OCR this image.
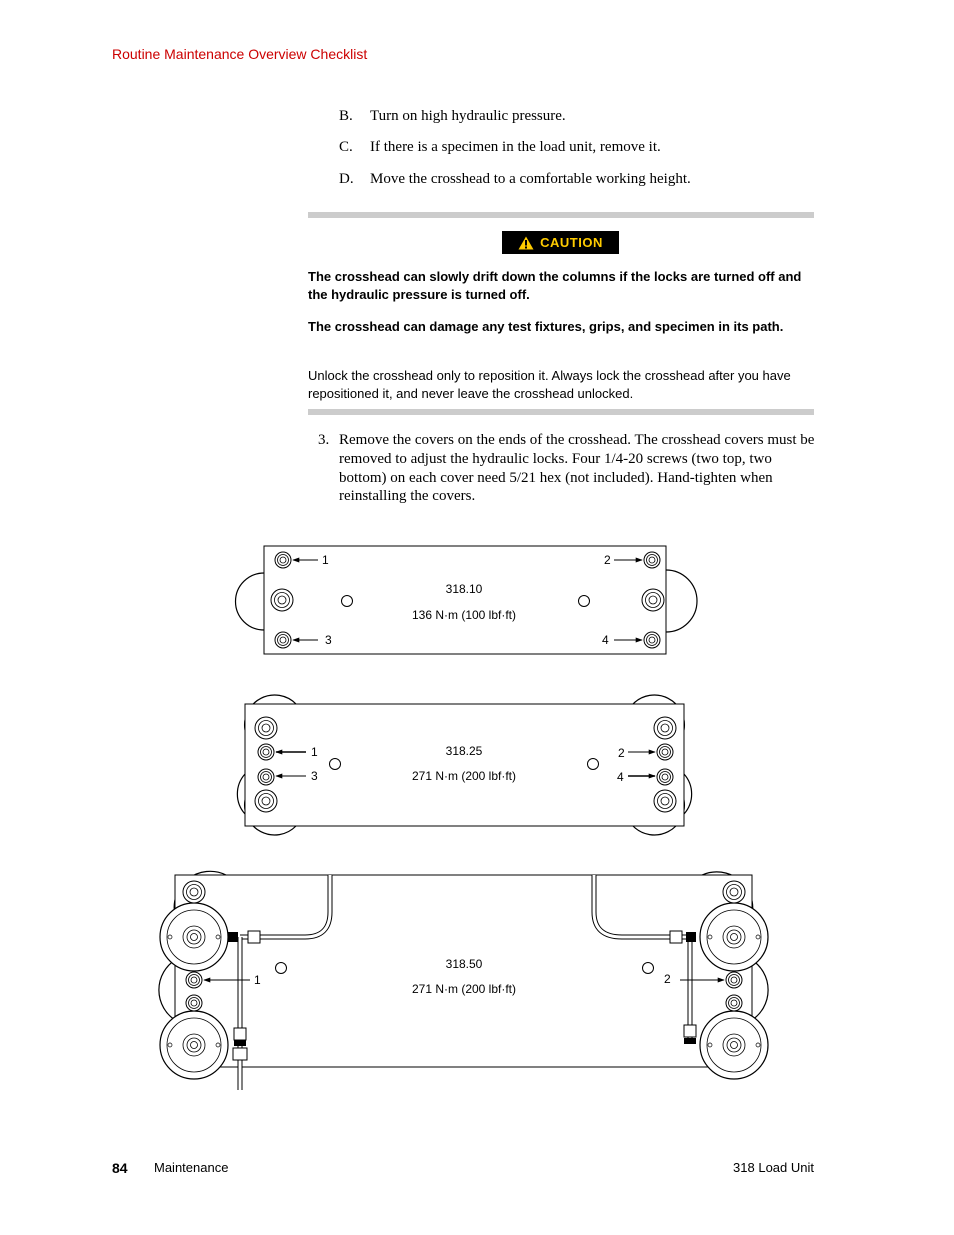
Routine Maintenance Overview Checklist
B. Turn on high hydraulic pressure.
C. If there is a specimen in the load unit, remove it.
D. Move the crosshead to a comfortable working height.
CAUTION
The crosshead can slowly drift down the columns if the locks are turned off and the hydraulic pressure is turned off.
The crosshead can damage any test fixtures, grips, and specimen in its path.
Unlock the crosshead only to reposition it. Always lock the crosshead after you have repositioned it, and never leave the crosshead unlocked.
3. Remove the covers on the ends of the crosshead. The crosshead covers must be removed to adjust the hydraulic locks. Four 1/4-20 screws (two top, two bottom) on each cover need 5/21 hex (not included). Hand-tighten when reinstalling the covers.
1
3
2
4
318.10
136 N·m (100 lbf·ft)
1
3
2
4
318.25
271 N·m (200 lbf·ft)
1	2
318.50
271 N·m (200 lbf·ft)
84 Maintenance	318 Load Unit
